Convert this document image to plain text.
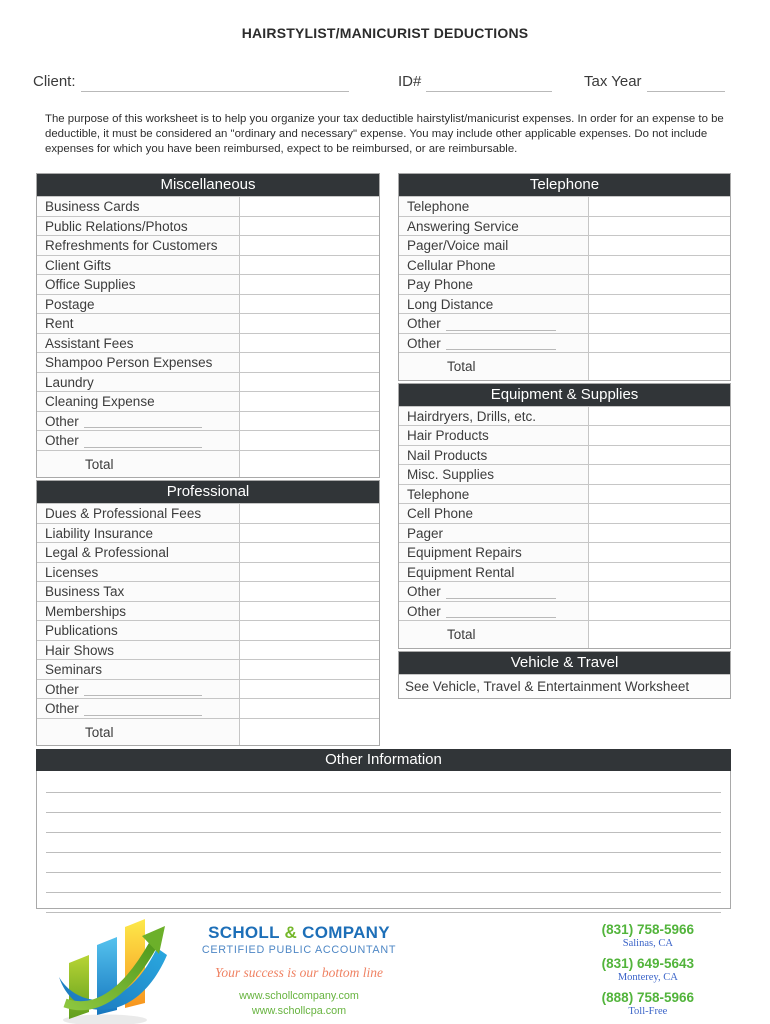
HAIRSTYLIST/MANICURIST DEDUCTIONS
Client:	ID#	Tax Year

The purpose of this worksheet is to help you organize your tax deductible hairstylist/manicurist expenses. In order for an expense to be deductible, it must be considered an "ordinary and necessary" expense. You may include other applicable expenses. Do not include expenses for which you have been reimbursed, expect to be reimbursed, or are reimbursable.

Miscellaneous
Business Cards
Public Relations/Photos
Refreshments for Customers
Client Gifts
Office Supplies
Postage
Rent
Assistant Fees
Shampoo Person Expenses
Laundry
Cleaning Expense
Other
Other
Total
Professional
Dues & Professional Fees
Liability Insurance
Legal & Professional
Licenses
Business Tax
Memberships
Publications
Hair Shows
Seminars
Other
Other
Total
Telephone
Telephone
Answering Service
Pager/Voice mail
Cellular Phone
Pay Phone
Long Distance
Other
Other
Total
Equipment & Supplies
Hairdryers, Drills, etc.
Hair Products
Nail Products
Misc. Supplies
Telephone
Cell Phone
Pager
Equipment Repairs
Equipment Rental
Other
Other
Total
Vehicle & Travel
See Vehicle, Travel & Entertainment Worksheet
Other Information
SCHOLL & COMPANY
CERTIFIED PUBLIC ACCOUNTANT
Your success is our bottom line
www.schollcompany.com
www.schollcpa.com
(831) 758-5966
Salinas, CA
(831) 649-5643
Monterey, CA
(888) 758-5966
Toll-Free
